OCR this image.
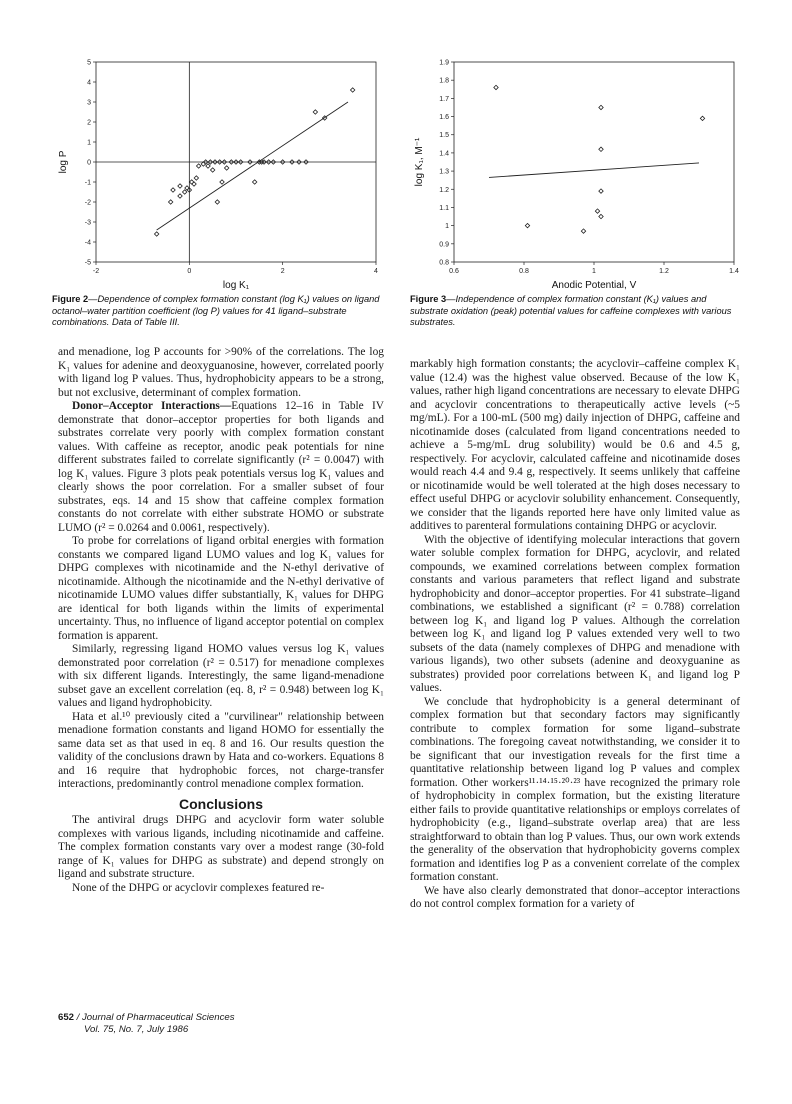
-2	0	2	4
5
4
3
2
1
0
-1
-2
-3
-4
-5
log K₁
log P
Figure 2—Dependence of complex formation constant (log K₁) values on ligand octanol–water partition coefficient (log P) values for 41 ligand–substrate combinations. Data of Table III.
0.6	0.8	1	1.2	1.4
1.9
1.8
1.7
1.6
1.5
1.4
1.3
1.2
1.1
1
0.9
0.8
Anodic Potential, V
log K₁, M⁻¹
Figure 3—Independence of complex formation constant (K₁) values and substrate oxidation (peak) potential values for caffeine complexes with various substrates.

and menadione, log P accounts for >90% of the correlations. The log K₁ values for adenine and deoxyguanosine, however, correlated poorly with ligand log P values. Thus, hydrophobicity appears to be a strong, but not exclusive, determinant of complex formation.

Donor–Acceptor Interactions—Equations 12–16 in Table IV demonstrate that donor–acceptor properties for both ligands and substrates correlate very poorly with complex formation constant values. With caffeine as receptor, anodic peak potentials for nine different substrates failed to correlate significantly (r² = 0.0047) with log K₁ values. Figure 3 plots peak potentials versus log K₁ values and clearly shows the poor correlation. For a smaller subset of four substrates, eqs. 14 and 15 show that caffeine complex formation constants do not correlate with either substrate HOMO or substrate LUMO (r² = 0.0264 and 0.0061, respectively).

To probe for correlations of ligand orbital energies with formation constants we compared ligand LUMO values and log K₁ values for DHPG complexes with nicotinamide and the N-ethyl derivative of nicotinamide. Although the nicotinamide and the N-ethyl derivative of nicotinamide LUMO values differ substantially, K₁ values for DHPG are identical for both ligands within the limits of experimental uncertainty. Thus, no influence of ligand acceptor potential on complex formation is apparent.

Similarly, regressing ligand HOMO values versus log K₁ values demonstrated poor correlation (r² = 0.517) for menadione complexes with six different ligands. Interestingly, the same ligand-menadione subset gave an excellent correlation (eq. 8, r² = 0.948) between log K₁ values and ligand hydrophobicity.

Hata et al.¹⁰ previously cited a "curvilinear" relationship between menadione formation constants and ligand HOMO for essentially the same data set as that used in eq. 8 and 16. Our results question the validity of the conclusions drawn by Hata and co-workers. Equations 8 and 16 require that hydrophobic forces, not charge-transfer interactions, predominantly control menadione complex formation.

Conclusions

The antiviral drugs DHPG and acyclovir form water soluble complexes with various ligands, including nicotinamide and caffeine. The complex formation constants vary over a modest range (30-fold range of K₁ values for DHPG as substrate) and depend strongly on ligand and substrate structure.

None of the DHPG or acyclovir complexes featured re-

markably high formation constants; the acyclovir–caffeine complex K₁ value (12.4) was the highest value observed. Because of the low K₁ values, rather high ligand concentrations are necessary to elevate DHPG and acyclovir concentrations to therapeutically active levels (~5 mg/mL). For a 100-mL (500 mg) daily injection of DHPG, caffeine and nicotinamide doses (calculated from ligand concentrations needed to achieve a 5-mg/mL drug solubility) would be 0.6 and 4.5 g, respectively. For acyclovir, calculated caffeine and nicotinamide doses would reach 4.4 and 9.4 g, respectively. It seems unlikely that caffeine or nicotinamide would be well tolerated at the high doses necessary to effect useful DHPG or acyclovir solubility enhancement. Consequently, we consider that the ligands reported here have only limited value as additives to parenteral formulations containing DHPG or acyclovir.

With the objective of identifying molecular interactions that govern water soluble complex formation for DHPG, acyclovir, and related compounds, we examined correlations between complex formation constants and various parameters that reflect ligand and substrate hydrophobicity and donor–acceptor properties. For 41 substrate–ligand combinations, we established a significant (r² = 0.788) correlation between log K₁ and ligand log P values. Although the correlation between log K₁ and ligand log P values extended very well to two subsets of the data (namely complexes of DHPG and menadione with various ligands), two other subsets (adenine and deoxyguanine as substrates) provided poor correlations between K₁ and ligand log P values.

We conclude that hydrophobicity is a general determinant of complex formation but that secondary factors may significantly contribute to complex formation for some ligand–substrate combinations. The foregoing caveat notwithstanding, we consider it to be significant that our investigation reveals for the first time a quantitative relationship between ligand log P values and complex formation. Other workers¹¹·¹⁴·¹⁵·²⁰·²³ have recognized the primary role of hydrophobicity in complex formation, but the existing literature either fails to provide quantitative relationships or employs correlates of hydrophobicity (e.g., ligand–substrate overlap area) that are less straightforward to obtain than log P values. Thus, our own work extends the generality of the observation that hydrophobicity governs complex formation and identifies log P as a convenient correlate of the complex formation constant.

We have also clearly demonstrated that donor–acceptor interactions do not control complex formation for a variety of

652 / Journal of Pharmaceutical Sciences
Vol. 75, No. 7, July 1986
